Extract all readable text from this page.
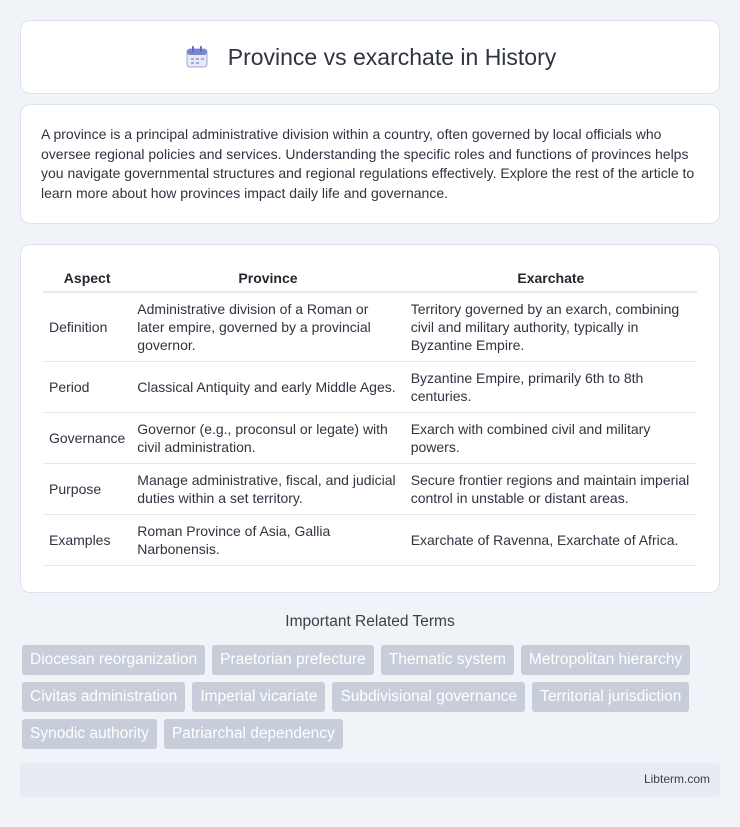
Province vs exarchate in History

A province is a principal administrative division within a country, often governed by local officials who oversee regional policies and services. Understanding the specific roles and functions of provinces helps you navigate governmental structures and regional regulations effectively. Explore the rest of the article to learn more about how provinces impact daily life and governance.

Aspect	Province	Exarchate
Definition	Administrative division of a Roman or later empire, governed by a provincial governor.	Territory governed by an exarch, combining civil and military authority, typically in Byzantine Empire.
Period	Classical Antiquity and early Middle Ages.	Byzantine Empire, primarily 6th to 8th centuries.
Governance	Governor (e.g., proconsul or legate) with civil administration.	Exarch with combined civil and military powers.
Purpose	Manage administrative, fiscal, and judicial duties within a set territory.	Secure frontier regions and maintain imperial control in unstable or distant areas.
Examples	Roman Province of Asia, Gallia Narbonensis.	Exarchate of Ravenna, Exarchate of Africa.
Important Related Terms
Diocesan reorganization	Praetorian prefecture	Thematic system	Metropolitan hierarchy
Civitas administration	Imperial vicariate	Subdivisional governance	Territorial jurisdiction
Synodic authority	Patriarchal dependency
Libterm.com
